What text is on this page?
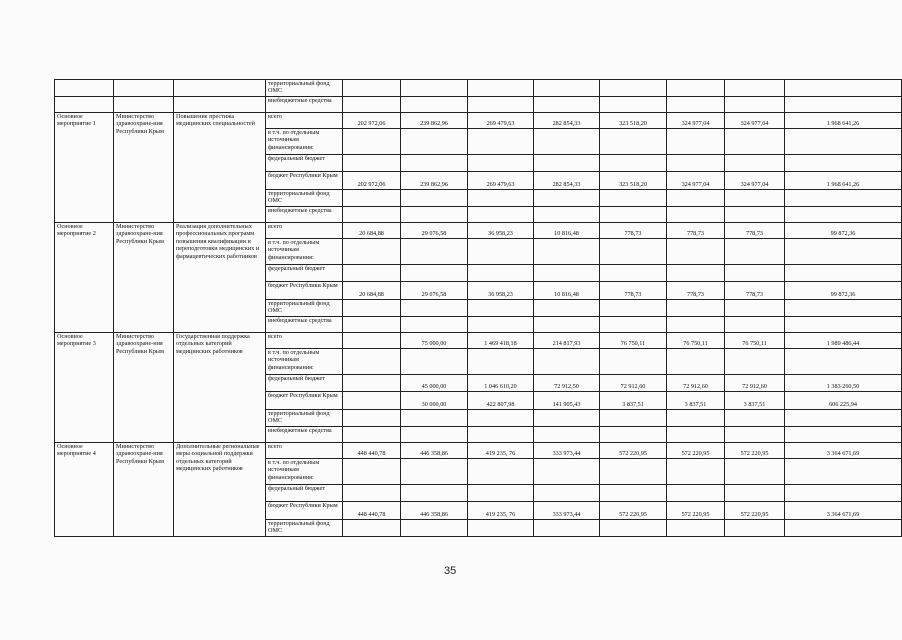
			территориальный фонд ОМС								
			внебюджетные средства								
Основное мероприятие 1	Министерство здравоохране-ния Республики Крым	Повышение престижа медицинских специальностей	всего	202 972,06	239 862,96	269 479,63	282 854,33	323 518,20	324 977,04	324 977,04	1 968 641,26
			в т.ч. по отдельным источникам финансирования:								
			федеральный бюджет								
			бюджет Республики Крым	202 972,06	239 862,96	269 479,63	282 854,33	323 518,20	324 977,04	324 977,04	1 968 641,26
			территориальный фонд ОМС								
			внебюджетные средства								
Основное мероприятие 2	Министерство здравоохране-ния Республики Крым	Реализация дополнительных профессиональных программ повышения квалификации и переподготовки медицинских и фармацевтических работников	всего	20 684,88	29 076,58	36 958,23	10 816,48	778,73	778,73	778,73	99 872,36
			в т.ч. по отдельным источникам финансирования:								
			федеральный бюджет								
			бюджет Республики Крым	20 684,88	29 076,58	36 958,23	10 816,48	778,73	778,73	778,73	99 872,36
			территориальный фонд ОМС								
			внебюджетные средства								
Основное мероприятие 3	Министерство здравоохране-ния Республики Крым	Государственная поддержка отдельных категорий медицинских работников	всего		75 000,00	1 469 418,18	214 817,93	76 750,11	76 750,11	76 750,11	1 989 486,44
			в т.ч. по отдельным источникам финансирования:								
			федеральный бюджет		45 000,00	1 046 610,20	72 912,50	72 912,60	72 912,60	72 912,60	1 383 260,50
			бюджет Республики Крым		30 000,00	422 807,98	141 905,43	3 837,51	3 837,51	3 837,51	606 225,94
			территориальный фонд ОМС								
			внебюджетные средства								
Основное мероприятие 4	Министерство здравоохране-ния Республики Крым	Дополнительные региональные меры социальной поддержки отдельных категорий медицинских работников	всего	448 440,78	446 358,86	419 235, 76	333 973,44	572 220,95	572 220,95	572 220,95	3 364 671,69
			в т.ч. по отдельным источникам финансирования:								
			федеральный бюджет								
			бюджет Республики Крым	448 440,78	446 358,86	419 235, 76	333 973,44	572 220,95	572 220,95	572 220,95	3 364 671,69
			территориальный фонд ОМС								
35
